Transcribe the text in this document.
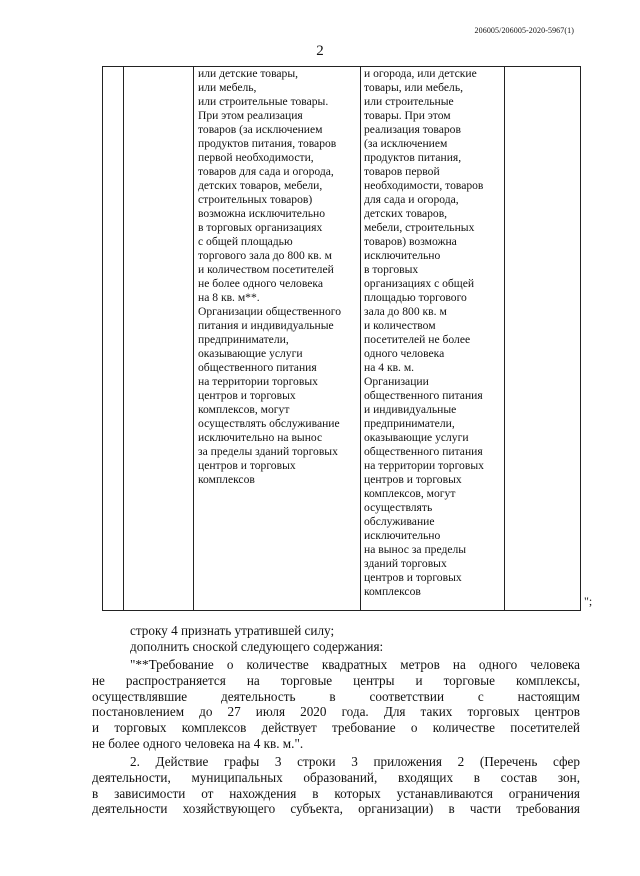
206005/206005-2020-5967(1)
2
или детские товары,
или мебель,
или строительные товары.
При этом реализация
товаров (за исключением
продуктов питания, товаров
первой необходимости,
товаров для сада и огорода,
детских товаров, мебели,
строительных товаров)
возможна исключительно
в торговых организациях
с общей площадью
торгового зала до 800 кв. м
и количеством посетителей
не более одного человека
на 8 кв. м**.
Организации общественного
питания и индивидуальные
предприниматели,
оказывающие услуги
общественного питания
на территории торговых
центров и торговых
комплексов, могут
осуществлять обслуживание
исключительно на вынос
за пределы зданий торговых
центров и торговых
комплексов
и огорода, или детские
товары, или мебель,
или строительные
товары. При этом
реализация товаров
(за исключением
продуктов питания,
товаров первой
необходимости, товаров
для сада и огорода,
детских товаров,
мебели, строительных
товаров) возможна
исключительно
в торговых
организациях с общей
площадью торгового
зала до 800 кв. м
и количеством
посетителей не более
одного человека
на 4 кв. м.
Организации
общественного питания
и индивидуальные
предприниматели,
оказывающие услуги
общественного питания
на территории торговых
центров и торговых
комплексов, могут
осуществлять
обслуживание
исключительно
на вынос за пределы
зданий торговых
центров и торговых
комплексов
";
строку 4 признать утратившей силу;
дополнить сноской следующего содержания:
"**Требование о количестве квадратных метров на одного человека
не распространяется на торговые центры и торговые комплексы,
осуществлявшие деятельность в соответствии с настоящим
постановлением до 27 июля 2020 года. Для таких торговых центров
и торговых комплексов действует требование о количестве посетителей
не более одного человека на 4 кв. м.".
2. Действие графы 3 строки 3 приложения 2 (Перечень сфер
деятельности, муниципальных образований, входящих в состав зон,
в зависимости от нахождения в которых устанавливаются ограничения
деятельности хозяйствующего субъекта, организации) в части требования
